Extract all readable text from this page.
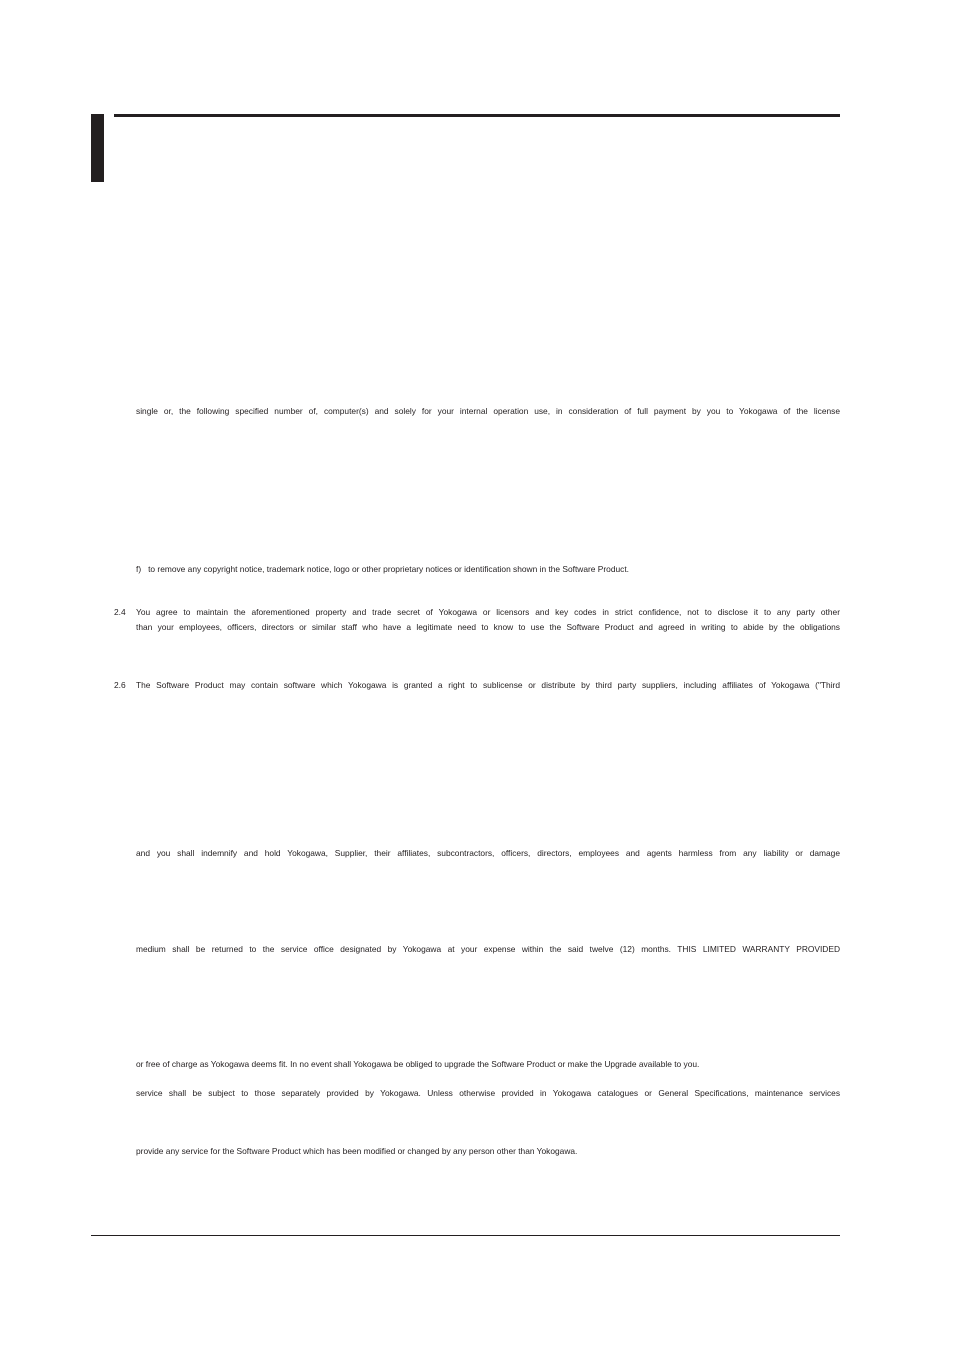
single or, the following specified number of, computer(s) and solely for your internal operation use, in consideration of full payment by you to Yokogawa of the license
f)   to remove any copyright notice, trademark notice, logo or other proprietary notices or identification shown in the Software Product.
2.4 You agree to maintain the aforementioned property and trade secret of Yokogawa or licensors and key codes in strict confidence, not to disclose it to any party other
than your employees, officers, directors or similar staff who have a legitimate need to know to use the Software Product and agreed in writing to abide by the obligations
2.6 The Software Product may contain software which Yokogawa is granted a right to sublicense or distribute by third party suppliers, including affiliates of Yokogawa ("Third
and you shall indemnify and hold Yokogawa, Supplier, their affiliates, subcontractors, officers, directors, employees and agents harmless from any liability or damage
medium shall be returned to the service office designated by Yokogawa at your expense within the said twelve (12) months. THIS LIMITED WARRANTY PROVIDED
or free of charge as Yokogawa deems fit. In no event shall Yokogawa be obliged to upgrade the Software Product or make the Upgrade available to you.
service shall be subject to those separately provided by Yokogawa. Unless otherwise provided in Yokogawa catalogues or General Specifications, maintenance services
provide any service for the Software Product which has been modified or changed by any person other than Yokogawa.
